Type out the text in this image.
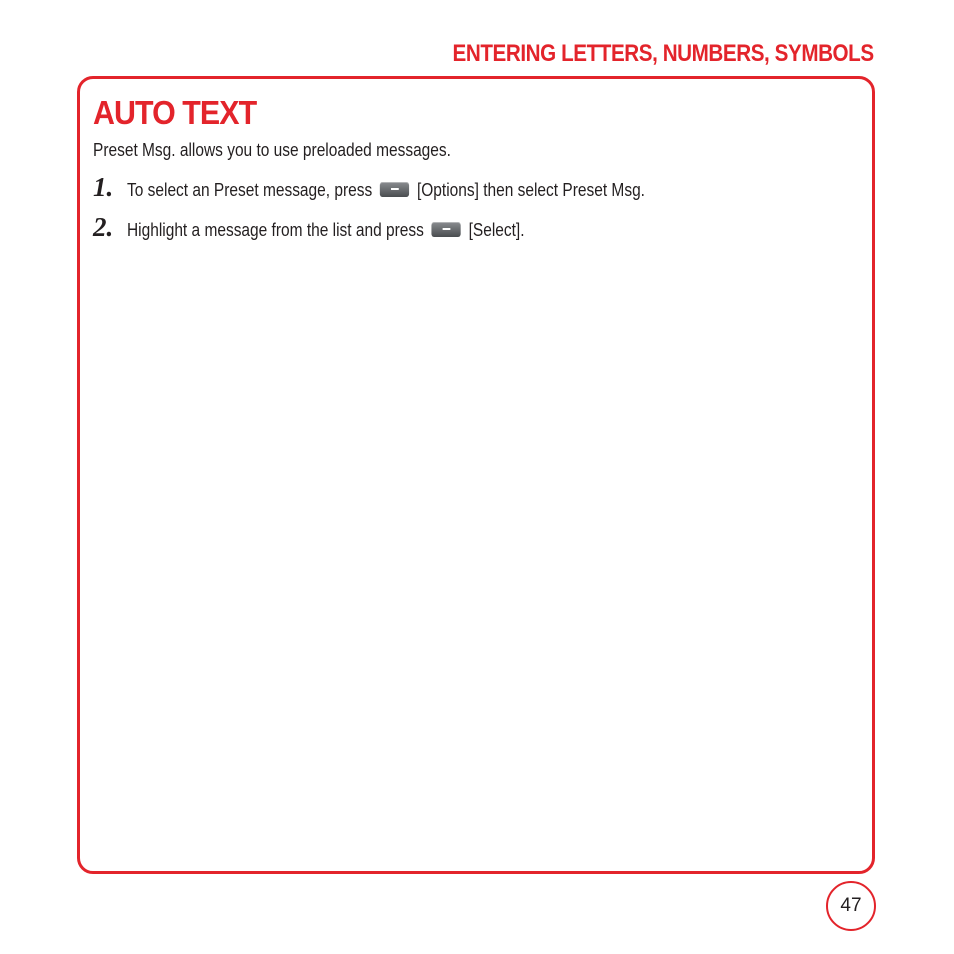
ENTERING LETTERS, NUMBERS, SYMBOLS
AUTO TEXT
Preset Msg. allows you to use preloaded messages.
1. To select an Preset message, press [Options] then select Preset Msg.
2. Highlight a message from the list and press [Select].
47
